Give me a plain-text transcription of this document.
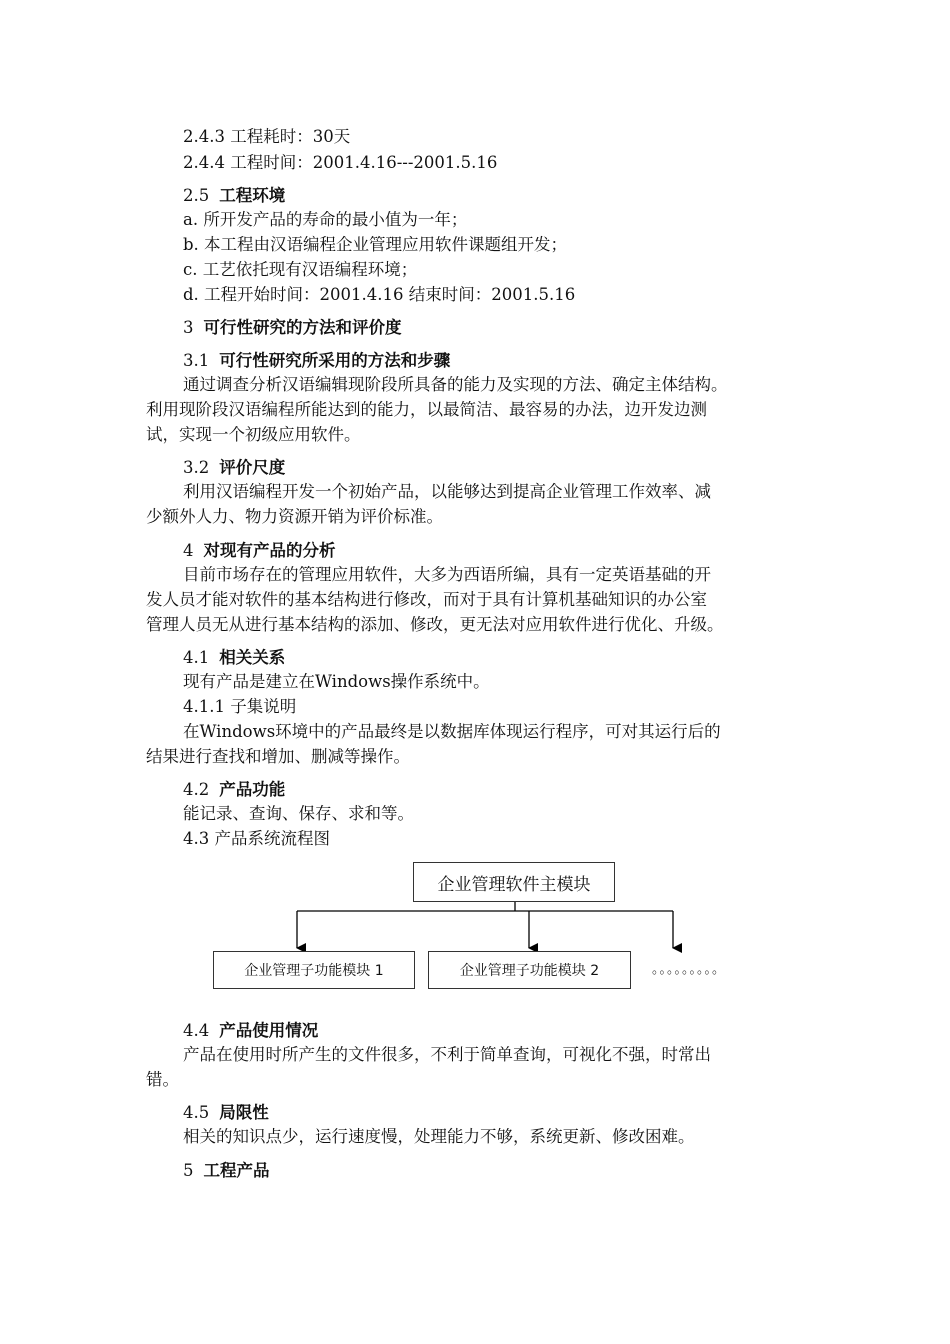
2.4.3 工程耗时：30天
2.4.4 工程时间：2001.4.16---2001.5.16
2.5 工程环境
a. 所开发产品的寿命的最小值为一年；
b. 本工程由汉语编程企业管理应用软件课题组开发；
c. 工艺依托现有汉语编程环境；
d. 工程开始时间：2001.4.16 结束时间：2001.5.16
3 可行性研究的方法和评价度
3.1 可行性研究所采用的方法和步骤
通过调查分析汉语编辑现阶段所具备的能力及实现的方法、确定主体结构。
利用现阶段汉语编程所能达到的能力，以最简洁、最容易的办法，边开发边测
试，实现一个初级应用软件。
3.2 评价尺度
利用汉语编程开发一个初始产品，以能够达到提高企业管理工作效率、减
少额外人力、物力资源开销为评价标准。
4 对现有产品的分析
目前市场存在的管理应用软件，大多为西语所编，具有一定英语基础的开
发人员才能对软件的基本结构进行修改，而对于具有计算机基础知识的办公室
管理人员无从进行基本结构的添加、修改，更无法对应用软件进行优化、升级。
4.1 相关关系
现有产品是建立在Windows操作系统中。
4.1.1 子集说明
在Windows环境中的产品最终是以数据库体现运行程序，可对其运行后的
结果进行查找和增加、删减等操作。
4.2 产品功能
能记录、查询、保存、求和等。
4.3 产品系统流程图
企业管理软件主模块
企业管理子功能模块 1	企业管理子功能模块 2	。。。。。。。。。
4.4 产品使用情况
产品在使用时所产生的文件很多，不利于简单查询，可视化不强，时常出
错。
4.5 局限性
相关的知识点少，运行速度慢，处理能力不够，系统更新、修改困难。
5 工程产品
